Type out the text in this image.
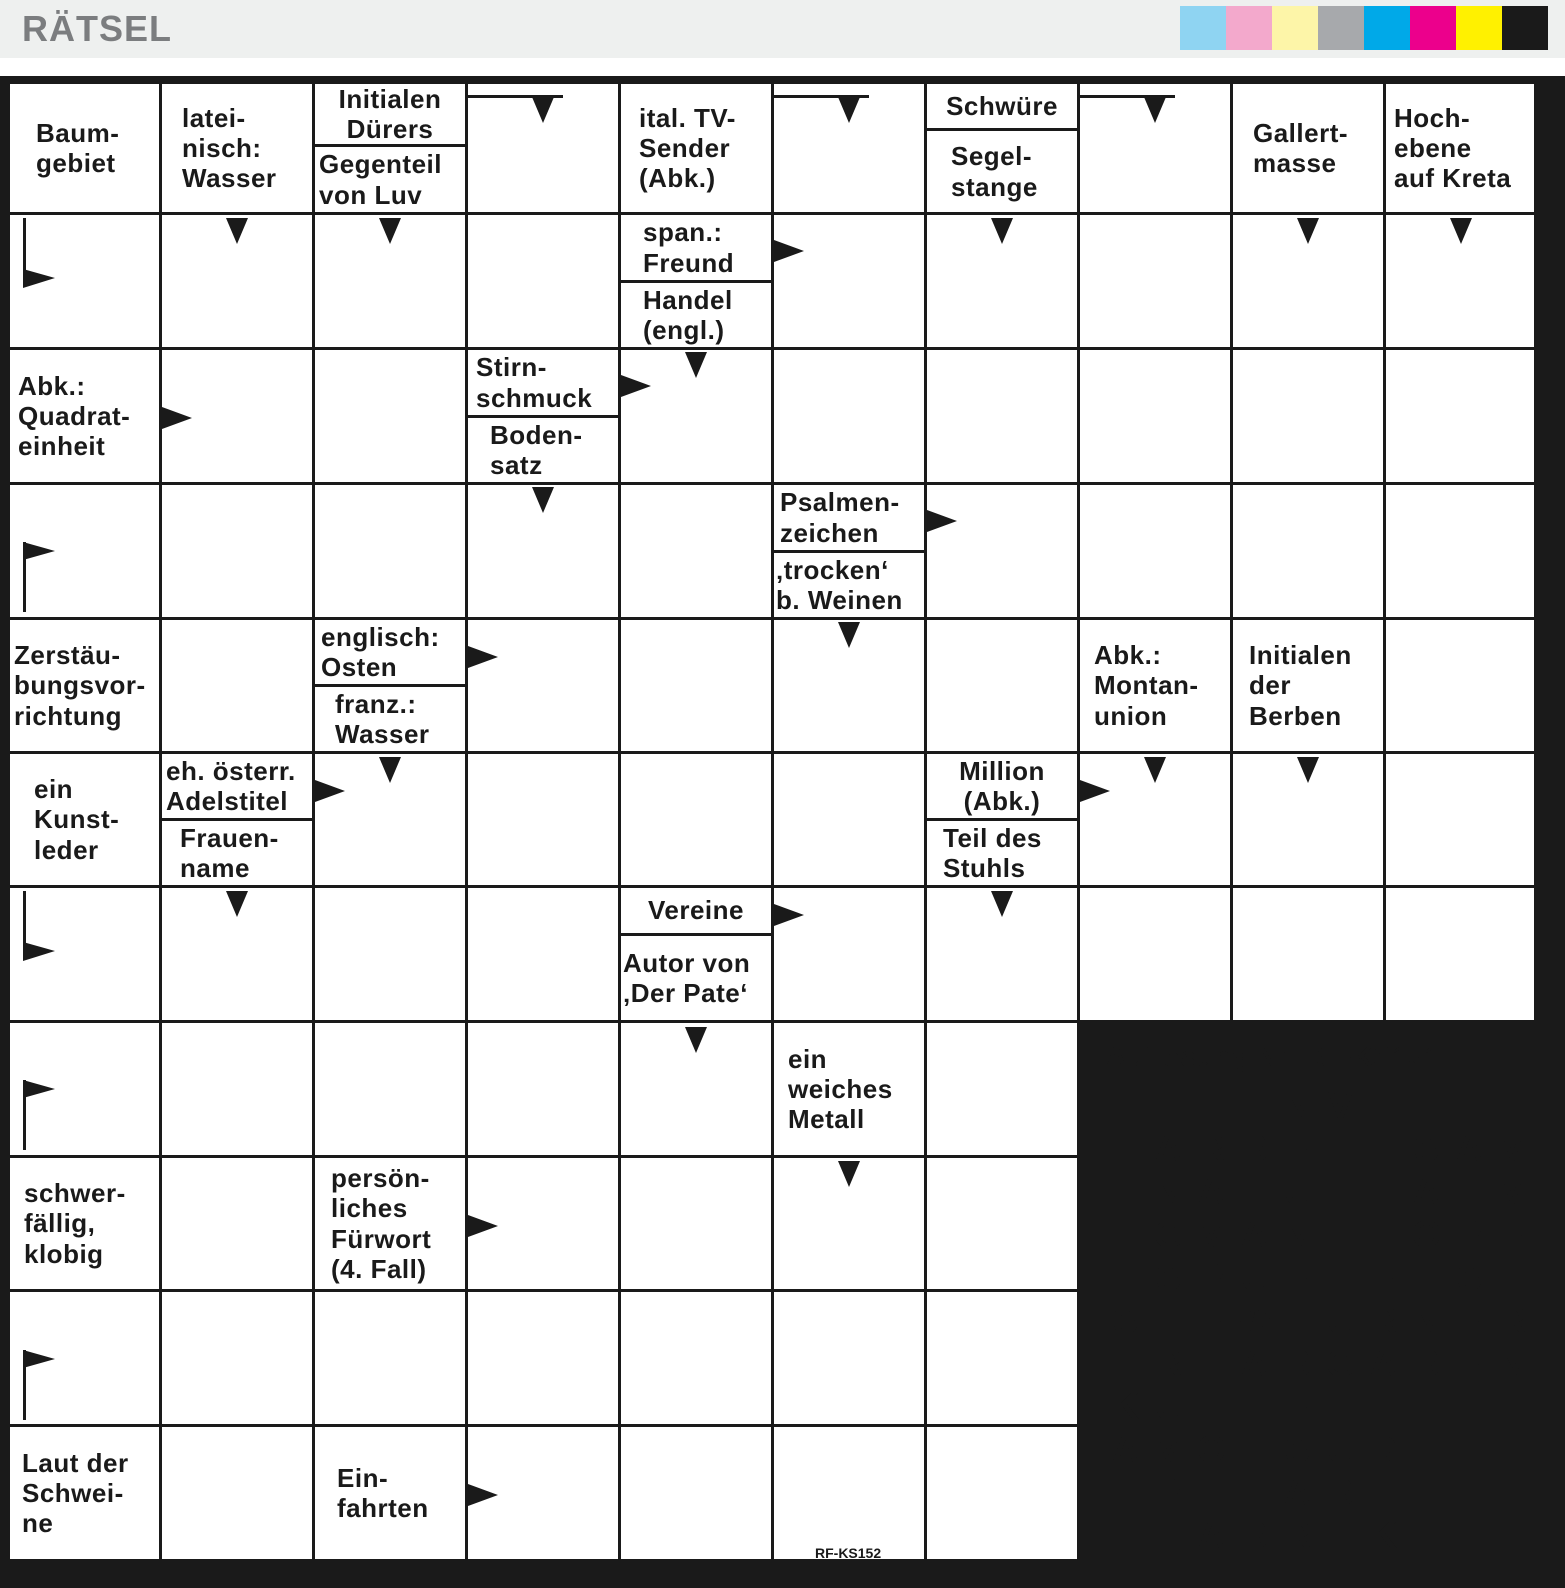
RÄTSEL
Baum-
gebiet
latei-
nisch:
Wasser
Initialen
Dürers
Gegenteil
von Luv
ital. TV-
Sender
(Abk.)
Schwüre
Segel-
stange
Gallert-
masse
Hoch-
ebene
auf Kreta
span.:
Freund
Handel
(engl.)
Abk.:
Quadrat-
einheit
Stirn-
schmuck
Boden-
satz
Psalmen-
zeichen
‚trocken‘
b. Weinen
Zerstäu-
bungsvor-
richtung
englisch:
Osten
franz.:
Wasser
Abk.:
Montan-
union
Initialen
der
Berben
ein
Kunst-
leder
eh. österr.
Adelstitel
Frauen-
name
Million
(Abk.)
Teil des
Stuhls
Vereine
Autor von
‚Der Pate‘
ein
weiches
Metall
schwer-
fällig,
klobig
persön-
liches
Fürwort
(4. Fall)
Laut der
Schwei-
ne
Ein-
fahrten
Auflösung Nr. RF-KS151
L	N V	I
A R B E I T S A M
N A L U T A L M
G M A N H O P E
S P U E L E S
S T E W U R N E R
R A B G A B E N
K U H L E L
A M O S U D
P L A B I
F A B R I K
RF-KS152
